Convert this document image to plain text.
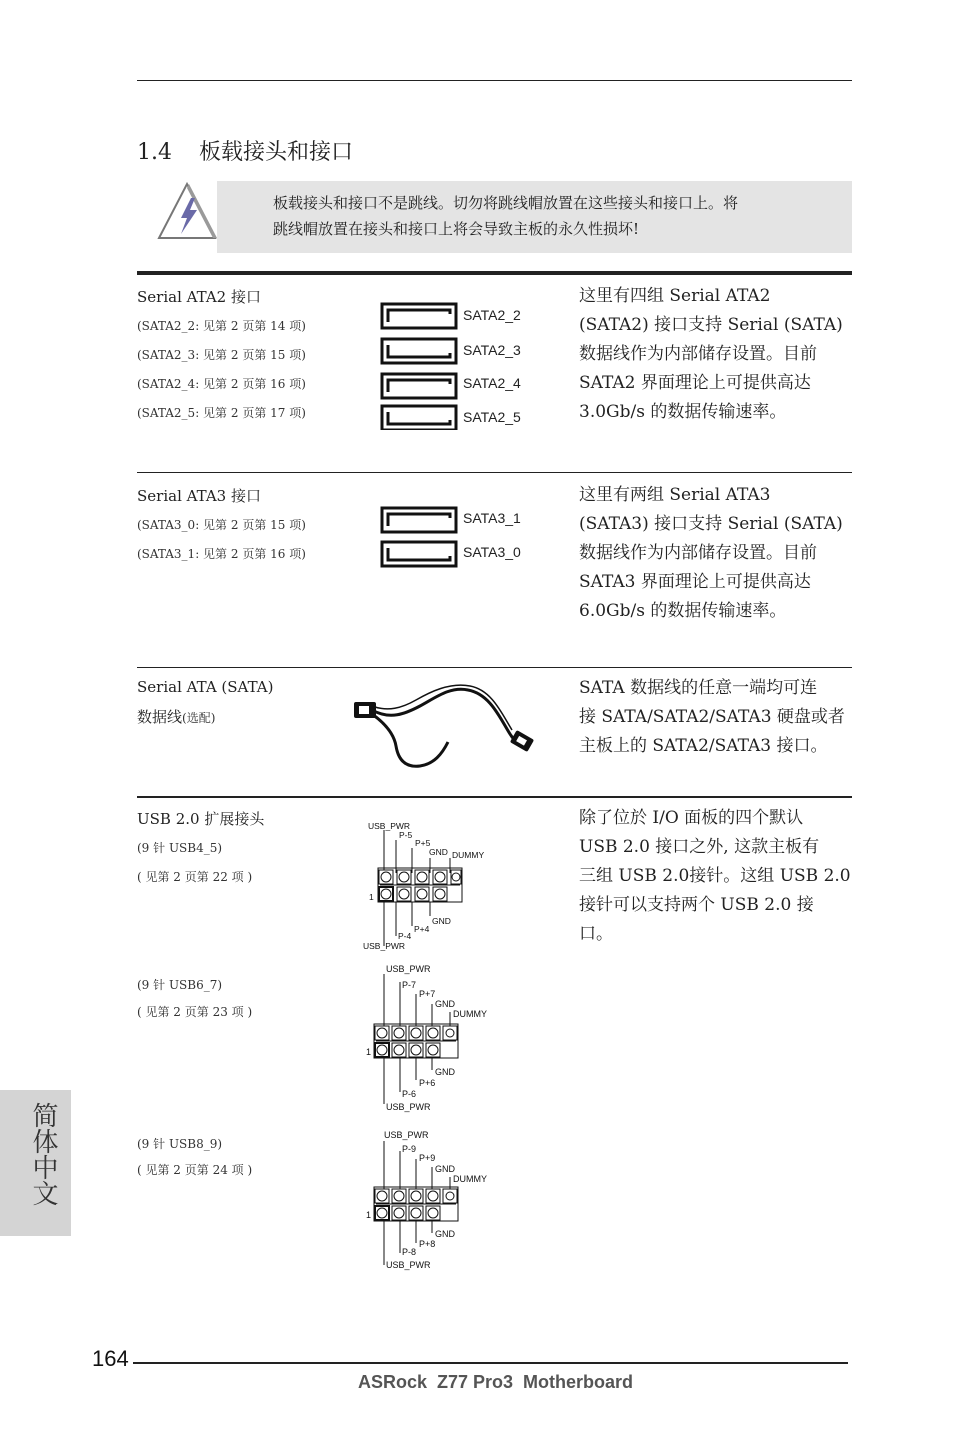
1.4 板载接头和接口
板载接头和接口不是跳线。切勿将跳线帽放置在这些接头和接口上。将
跳线帽放置在接头和接口上将会导致主板的永久性损坏!
Serial ATA2 接口
(SATA2_2: 见第 2 页第 14 项)
(SATA2_3: 见第 2 页第 15 项)
(SATA2_4: 见第 2 页第 16 项)
(SATA2_5: 见第 2 页第 17 项)
SATA2_2
SATA2_3
SATA2_4
SATA2_5
这里有四组 Serial ATA2
(SATA2) 接口支持 Serial (SATA)
数据线作为内部储存设置。目前
SATA2 界面理论上可提供高达
3.0Gb/s 的数据传输速率。
Serial ATA3 接口
(SATA3_0: 见第 2 页第 15 项)
(SATA3_1: 见第 2 页第 16 项)
SATA3_1
SATA3_0
这里有两组 Serial ATA3
(SATA3) 接口支持 Serial (SATA)
数据线作为内部储存设置。目前
SATA3 界面理论上可提供高达
6.0Gb/s 的数据传输速率。
Serial ATA (SATA)
数据线(选配)
SATA 数据线的任意一端均可连
接 SATA/SATA2/SATA3 硬盘或者
主板上的 SATA2/SATA3 接口。
USB 2.0 扩展接头
(9 针 USB4_5)
( 见第 2 页第 22 项 )
(9 针 USB6_7)
( 见第 2 页第 23 项 )
(9 针 USB8_9)
( 见第 2 页第 24 项 )
USB_PWR
P-5
P+5
GND DUMMY
GND
P+4
P-4
USB_PWR
1
USB_PWR
P-7
P+7
GND
DUMMY
GND
P+6
P-6
USB_PWR
1
USB_PWR
P-9
P+9
GND
DUMMY
GND
P+8
P-8
USB_PWR
1
除了位於 I/O 面板的四个默认
USB 2.0 接口之外, 这款主板有
三组 USB 2.0接针。这组 USB 2.0
接针可以支持两个 USB 2.0 接
口。
简体中文
164
ASRock  Z77 Pro3  Motherboard
